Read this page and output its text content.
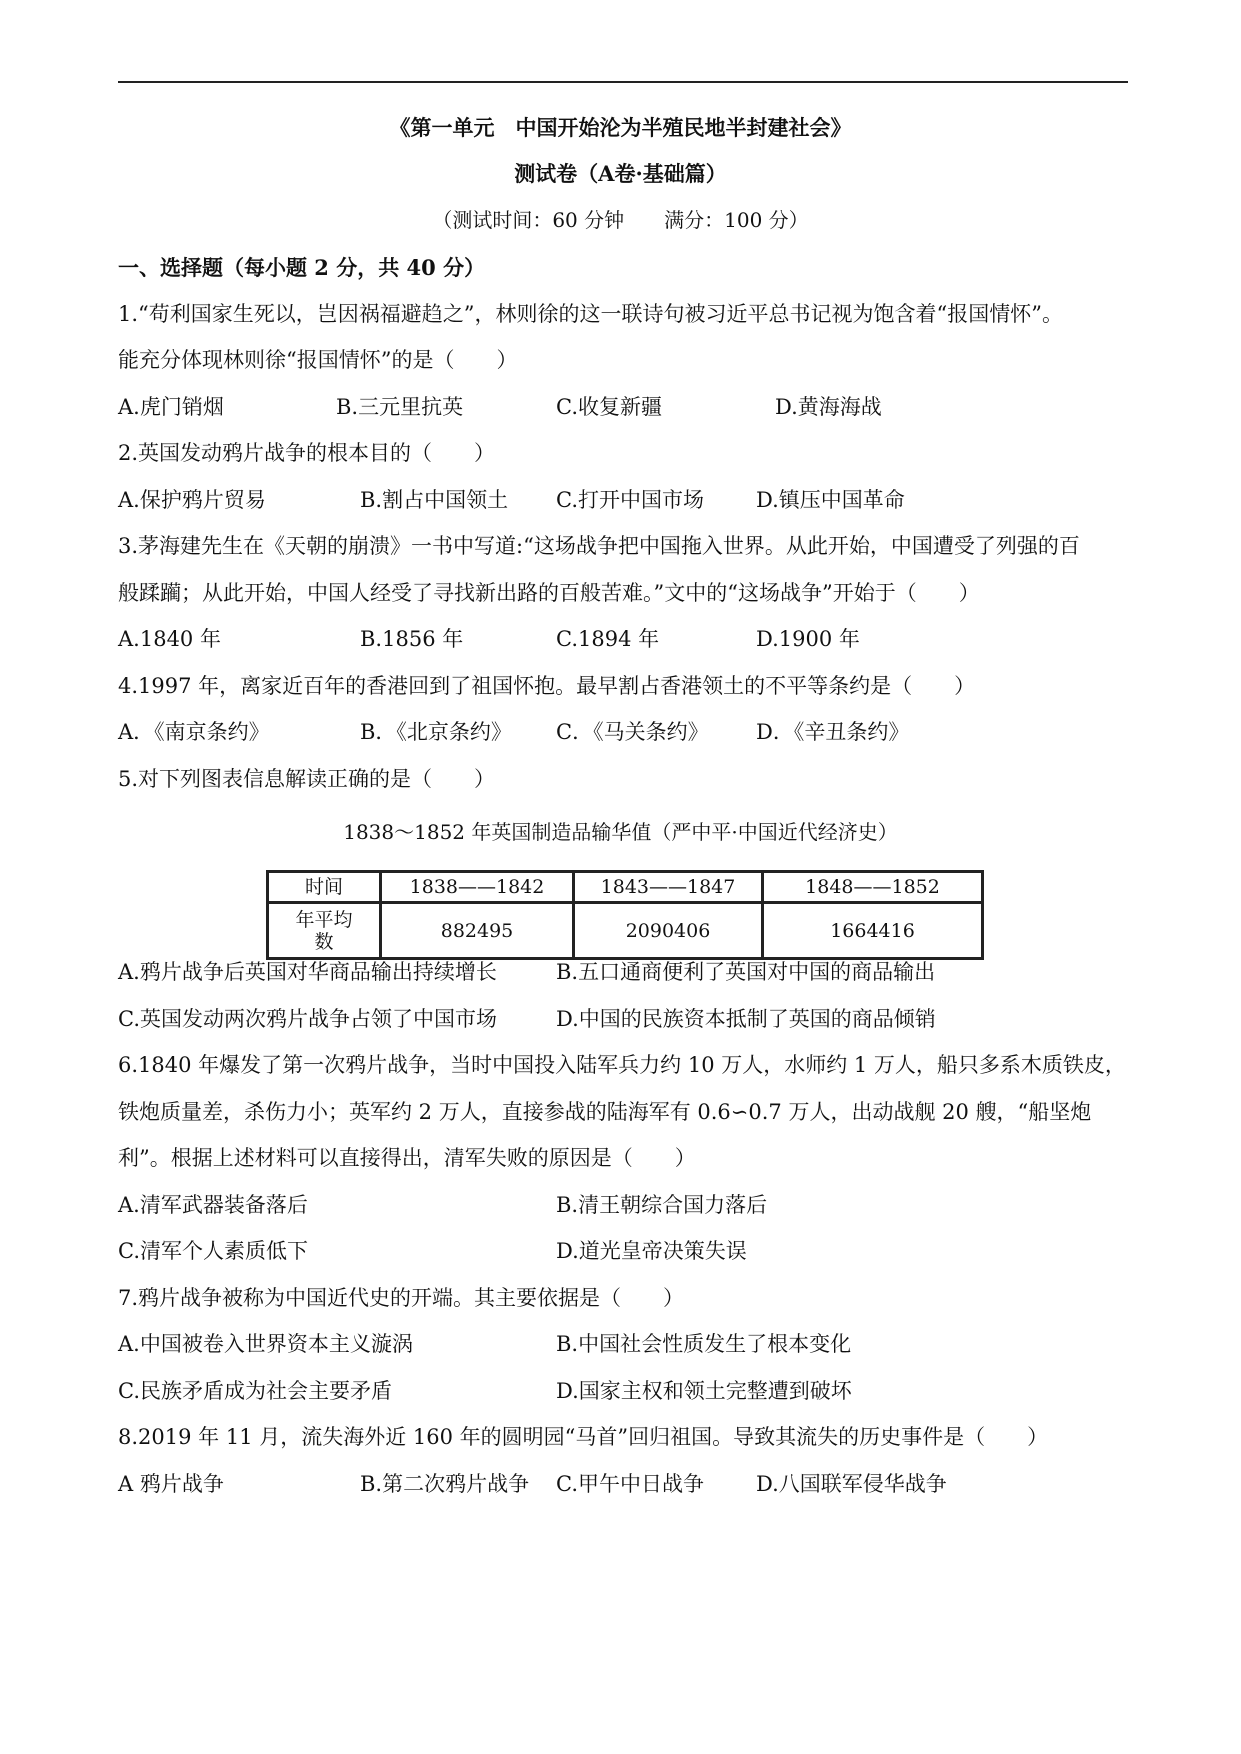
《第一单元　中国开始沦为半殖民地半封建社会》
测试卷（A卷·基础篇）
（测试时间：60 分钟　　满分：100 分）
一、选择题（每小题 2 分，共 40 分）
1.“苟利国家生死以，岂因祸福避趋之”，林则徐的这一联诗句被习近平总书记视为饱含着“报国情怀”。
能充分体现林则徐“报国情怀”的是（　　）
A.虎门销烟	B.三元里抗英	C.收复新疆	D.黄海海战
2.英国发动鸦片战争的根本目的（　　）
A.保护鸦片贸易	B.割占中国领土 C.打开中国市场 D.镇压中国革命
3.茅海建先生在《天朝的崩溃》一书中写道:“这场战争把中国拖入世界。从此开始，中国遭受了列强的百
般蹂躏；从此开始，中国人经受了寻找新出路的百般苦难。”文中的“这场战争”开始于（　　）
A.1840 年	B.1856 年	C.1894 年	D.1900 年
4.1997 年，离家近百年的香港回到了祖国怀抱。最早割占香港领土的不平等条约是（　　）
A．《南京条约》	B．《北京条约》 C．《马关条约》 D．《辛丑条约》
5.对下列图表信息解读正确的是（　　）
1838～1852 年英国制造品输华值（严中平·中国近代经济史）
时间	1838——1842	1843——1847	1848——1852

年平均
数	882495	2090406	1664416
A.鸦片战争后英国对华商品输出持续增长	B.五口通商便利了英国对中国的商品输出
C.英国发动两次鸦片战争占领了中国市场	D.中国的民族资本抵制了英国的商品倾销
6.1840 年爆发了第一次鸦片战争，当时中国投入陆军兵力约 10 万人，水师约 1 万人，船只多系木质铁皮，
铁炮质量差，杀伤力小；英军约 2 万人，直接参战的陆海军有 0.6∽0.7 万人，出动战舰 20 艘，“船坚炮
利”。根据上述材料可以直接得出，清军失败的原因是（　　）
A.清军武器装备落后	B.清王朝综合国力落后
C.清军个人素质低下	D.道光皇帝决策失误
7.鸦片战争被称为中国近代史的开端。其主要依据是（　　）
A.中国被卷入世界资本主义漩涡	B.中国社会性质发生了根本变化
C.民族矛盾成为社会主要矛盾	D.国家主权和领土完整遭到破坏
8.2019 年 11 月，流失海外近 160 年的圆明园“马首”回归祖国。导致其流失的历史事件是（　　）
A 鸦片战争	B.第二次鸦片战争 C.甲午中日战争 D.八国联军侵华战争
